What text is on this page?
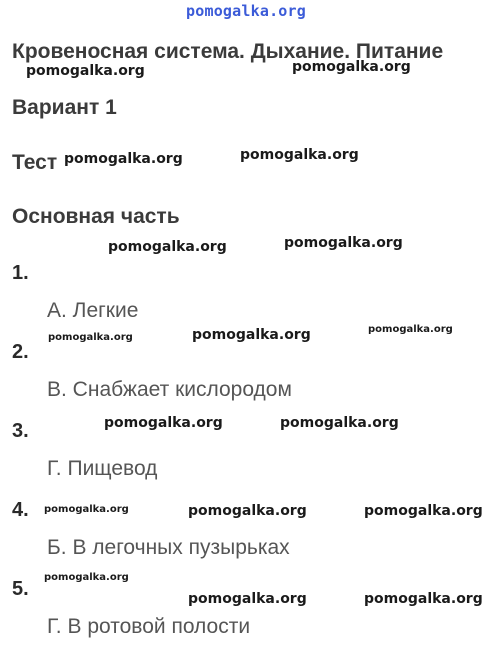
pomogalka.org
Кровеносная система. Дыхание. Питание
Вариант 1
Тест
Основная часть
1.
А. Легкие
2.
В. Снабжает кислородом
3.
Г. Пищевод
4.
Б. В легочных пузырьках
5.
Г. В ротовой полости
pomogalka.org	pomogalka.org
pomogalka.org	pomogalka.org
pomogalka.org	pomogalka.org
pomogalka.org	pomogalka.org	pomogalka.org
pomogalka.org	pomogalka.org
pomogalka.org	pomogalka.org	pomogalka.org
pomogalka.org
pomogalka.org	pomogalka.org
